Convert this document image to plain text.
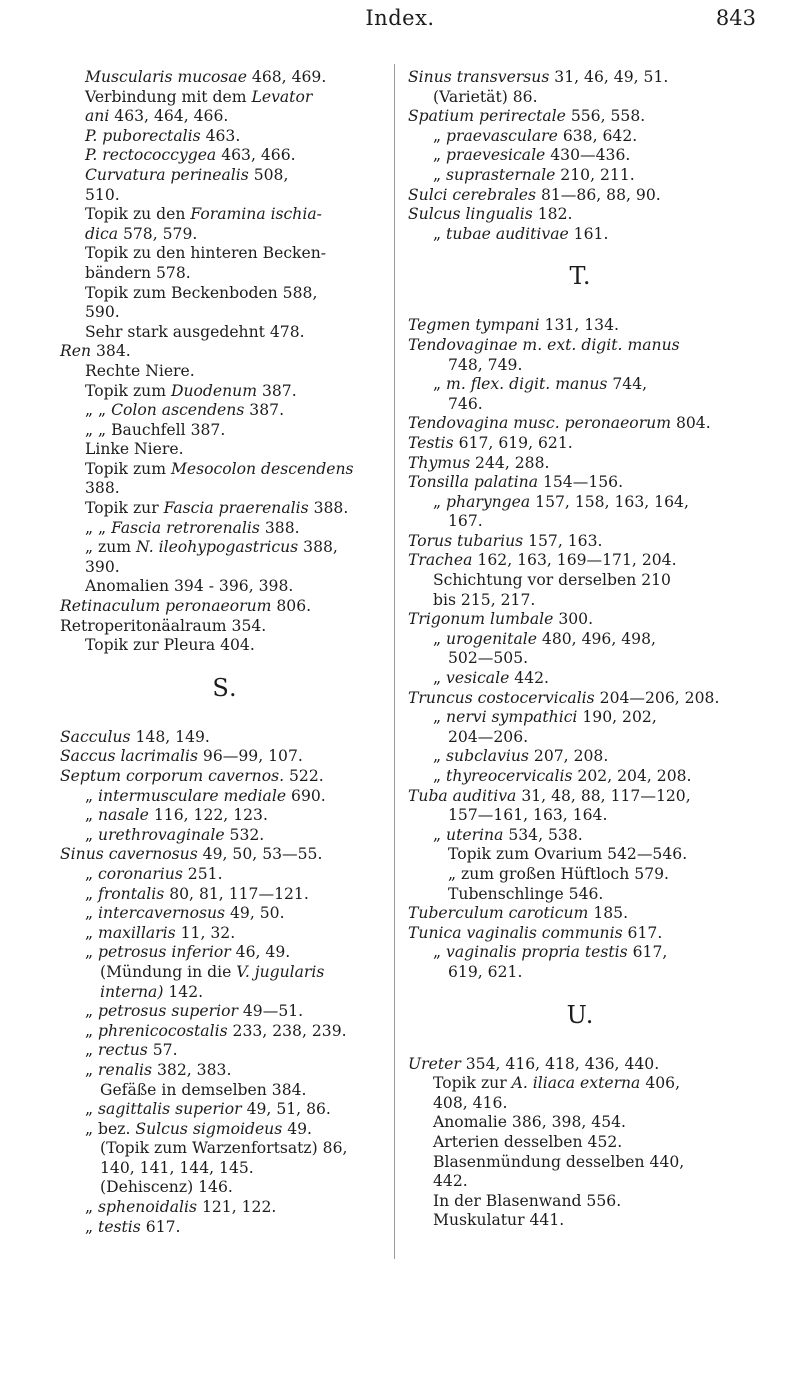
Index.	843
Muscularis mucosae 468, 469.
Verbindung mit dem Levator
ani 463, 464, 466.
P. puborectalis 463.
P. rectococcygea 463, 466.
Curvatura perinealis 508,
510.
Topik zu den Foramina ischia-
dica 578, 579.
Topik zu den hinteren Becken-
bändern 578.
Topik zum Beckenboden 588,
590.
Sehr stark ausgedehnt 478.
Ren 384.
Rechte Niere.
Topik zum Duodenum 387.
„ „ Colon ascendens 387.
„ „ Bauchfell 387.
Linke Niere.
Topik zum Mesocolon descendens
388.
Topik zur Fascia praerenalis 388.
„ „ Fascia retrorenalis 388.
„ zum N. ileohypogastricus 388,
390.
Anomalien 394 - 396, 398.
Retinaculum peronaeorum 806.
Retroperitonäalraum 354.
Topik zur Pleura 404.
S.
Sacculus 148, 149.
Saccus lacrimalis 96—99, 107.
Septum corporum cavernos. 522.
„ intermusculare mediale 690.
„ nasale 116, 122, 123.
„ urethrovaginale 532.
Sinus cavernosus 49, 50, 53—55.
„ coronarius 251.
„ frontalis 80, 81, 117—121.
„ intercavernosus 49, 50.
„ maxillaris 11, 32.
„ petrosus inferior 46, 49.
(Mündung in die V. jugularis
interna) 142.
„ petrosus superior 49—51.
„ phrenicocostalis 233, 238, 239.
„ rectus 57.
„ renalis 382, 383.
Gefäße in demselben 384.
„ sagittalis superior 49, 51, 86.
„ bez. Sulcus sigmoideus 49.
(Topik zum Warzenfortsatz) 86,
140, 141, 144, 145.
(Dehiscenz) 146.
„ sphenoidalis 121, 122.
„ testis 617.
Sinus transversus 31, 46, 49, 51.
(Varietät) 86.
Spatium perirectale 556, 558.
„ praevasculare 638, 642.
„ praevesicale 430—436.
„ suprasternale 210, 211.
Sulci cerebrales 81—86, 88, 90.
Sulcus lingualis 182.
„ tubae auditivae 161.
T.
Tegmen tympani 131, 134.
Tendovaginae m. ext. digit. manus
748, 749.
„ m. flex. digit. manus 744,
746.
Tendovagina musc. peronaeorum 804.
Testis 617, 619, 621.
Thymus 244, 288.
Tonsilla palatina 154—156.
„ pharyngea 157, 158, 163, 164,
167.
Torus tubarius 157, 163.
Trachea 162, 163, 169—171, 204.
Schichtung vor derselben 210
bis 215, 217.
Trigonum lumbale 300.
„ urogenitale 480, 496, 498,
502—505.
„ vesicale 442.
Truncus costocervicalis 204—206, 208.
„ nervi sympathici 190, 202,
204—206.
„ subclavius 207, 208.
„ thyreocervicalis 202, 204, 208.
Tuba auditiva 31, 48, 88, 117—120,
157—161, 163, 164.
„ uterina 534, 538.
Topik zum Ovarium 542—546.
„ zum großen Hüftloch 579.
Tubenschlinge 546.
Tuberculum caroticum 185.
Tunica vaginalis communis 617.
„ vaginalis propria testis 617,
619, 621.
U.
Ureter 354, 416, 418, 436, 440.
Topik zur A. iliaca externa 406,
408, 416.
Anomalie 386, 398, 454.
Arterien desselben 452.
Blasenmündung desselben 440,
442.
In der Blasenwand 556.
Muskulatur 441.
